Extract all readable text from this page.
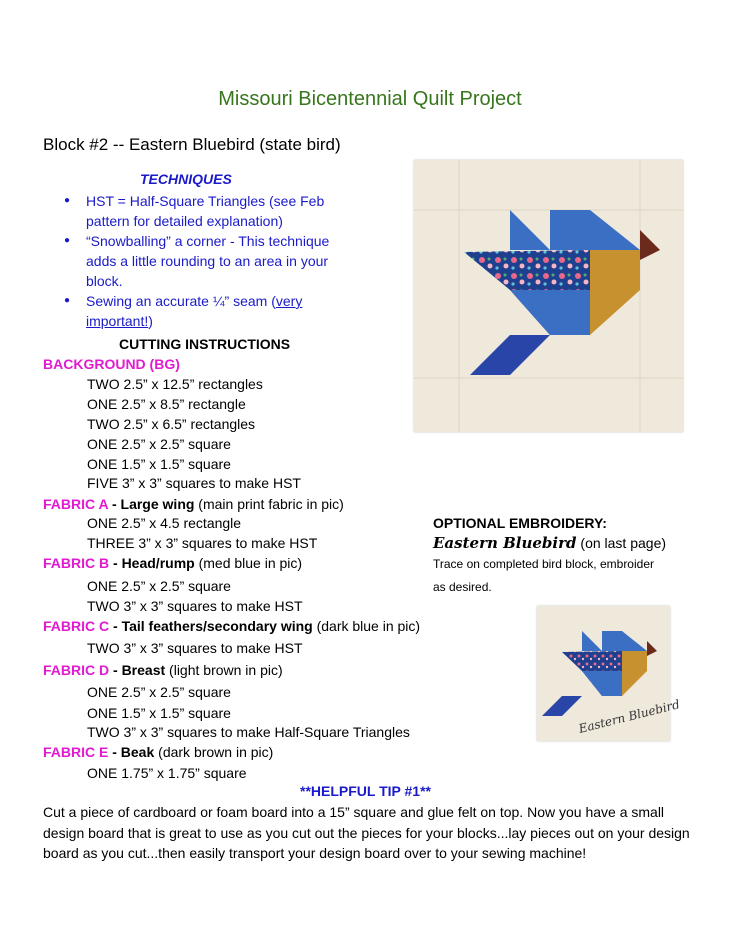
Missouri Bicentennial Quilt Project
Block #2 -- Eastern Bluebird (state bird)
TECHNIQUES
● HST = Half-Square Triangles (see Feb pattern for detailed explanation)
● “Snowballing” a corner - This technique adds a little rounding to an area in your block.
● Sewing an accurate ¼” seam (very important!)
CUTTING INSTRUCTIONS
BACKGROUND (BG)
TWO 2.5” x 12.5” rectangles
ONE 2.5” x 8.5” rectangle
TWO 2.5” x 6.5” rectangles
ONE 2.5” x 2.5” square
ONE 1.5” x 1.5” square
FIVE 3” x 3” squares to make HST
FABRIC A - Large wing (main print fabric in pic)
ONE 2.5” x 4.5 rectangle
THREE 3” x 3” squares to make HST
FABRIC B - Head/rump (med blue in pic)
ONE 2.5” x 2.5” square
TWO 3” x 3” squares to make HST
FABRIC C - Tail feathers/secondary wing (dark blue in pic)
TWO 3” x 3” squares to make HST
FABRIC D - Breast (light brown in pic)
ONE 2.5” x 2.5” square
ONE 1.5” x 1.5” square
TWO 3” x 3” squares to make Half-Square Triangles
FABRIC E - Beak (dark brown in pic)
ONE 1.75” x 1.75” square
OPTIONAL EMBROIDERY:
Eastern Bluebird (on last page)
Trace on completed bird block, embroider
as desired.
**HELPFUL TIP #1**
Cut a piece of cardboard or foam board into a 15” square and glue felt on top. Now you have a small design board that is great to use as you cut out the pieces for your blocks...lay pieces out on your design board as you cut...then easily transport your design board over to your sewing machine!
Eastern Bluebird
